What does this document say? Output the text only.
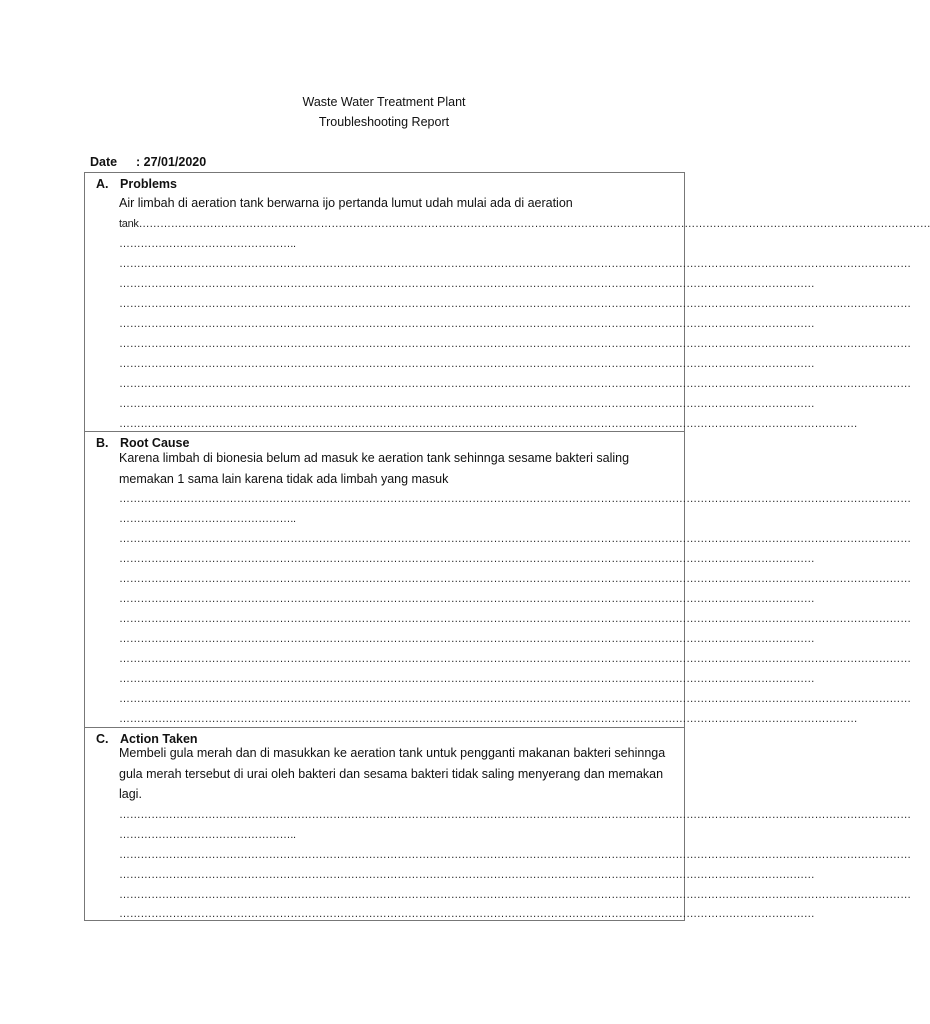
Waste Water Treatment Plant
Troubleshooting Report
Date : 27/01/2020
A. Problems
Air limbah di aeration tank berwarna ijo pertanda lumut udah mulai ada di aeration
tank……………………………………………………………………………………………………………………………………………………………………………………………………
…………………………………………..
……………………………………………………………………………………………………………………………………………………………………………………………………
……………………………………………………………………………………………………………………………………………………………………………
……………………………………………………………………………………………………………………………………………………………………………………………………
……………………………………………………………………………………………………………………………………………………………………………
……………………………………………………………………………………………………………………………………………………………………………………………………
……………………………………………………………………………………………………………………………………………………………………………
……………………………………………………………………………………………………………………………………………………………………………………………………
……………………………………………………………………………………………………………………………………………………………………………
………………………………………………………………………………………………………………………………………………………………………………………
B. Root Cause
Karena limbah di bionesia belum ad masuk ke aeration tank sehinnga sesame bakteri saling memakan 1 sama lain karena tidak ada limbah yang masuk
……………………………………………………………………………………………………………………………………………………………………………………………………
…………………………………………..
……………………………………………………………………………………………………………………………………………………………………………………………………
……………………………………………………………………………………………………………………………………………………………………………
……………………………………………………………………………………………………………………………………………………………………………………………………
……………………………………………………………………………………………………………………………………………………………………………
……………………………………………………………………………………………………………………………………………………………………………………………………
……………………………………………………………………………………………………………………………………………………………………………
……………………………………………………………………………………………………………………………………………………………………………………………………
……………………………………………………………………………………………………………………………………………………………………………
……………………………………………………………………………………………………………………………………………………………………………………………………
………………………………………………………………………………………………………………………………………………………………………………………
C. Action Taken
Membeli gula merah dan di masukkan ke aeration tank untuk pengganti makanan bakteri sehinnga gula merah tersebut di urai oleh bakteri dan sesama bakteri tidak saling menyerang dan memakan lagi.
……………………………………………………………………………………………………………………………………………………………………………………………………
…………………………………………..
……………………………………………………………………………………………………………………………………………………………………………………………………
……………………………………………………………………………………………………………………………………………………………………………
……………………………………………………………………………………………………………………………………………………………………………………………………
……………………………………………………………………………………………………………………………………………………………………………
